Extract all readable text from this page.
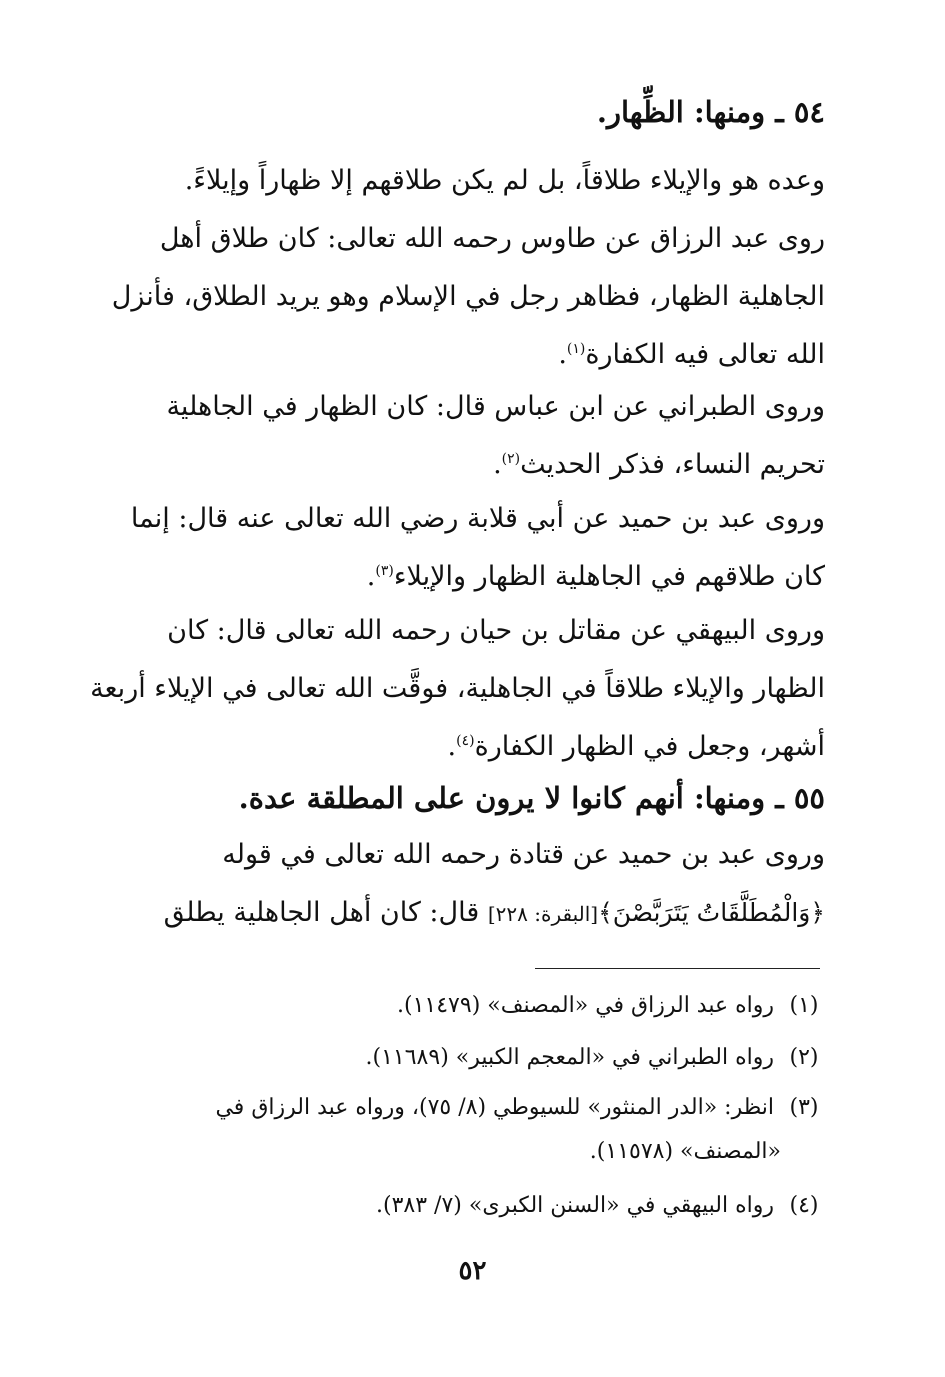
٥٤ ـ ومنها: الظِّهار.
وعده هو والإيلاء طلاقاً، بل لم يكن طلاقهم إلا ظهاراً وإيلاءً.
روى عبد الرزاق عن طاوس رحمه الله تعالى: كان طلاق أهل
الجاهلية الظهار، فظاهر رجل في الإسلام وهو يريد الطلاق، فأنزل
الله تعالى فيه الكفارة$^{(١)}$.
وروى الطبراني عن ابن عباس قال: كان الظهار في الجاهلية
تحريم النساء، فذكر الحديث$^{(٢)}$.
وروى عبد بن حميد عن أبي قلابة رضي الله تعالى عنه قال: إنما
كان طلاقهم في الجاهلية الظهار والإيلاء$^{(٣)}$.
وروى البيهقي عن مقاتل بن حيان رحمه الله تعالى قال: كان
الظهار والإيلاء طلاقاً في الجاهلية، فوقَّت الله تعالى في الإيلاء أربعة
أشهر، وجعل في الظهار الكفارة$^{(٤)}$.
٥٥ ـ ومنها: أنهم كانوا لا يرون على المطلقة عدة.
وروى عبد بن حميد عن قتادة رحمه الله تعالى في قوله
﴿وَالْمُطَلَّقَاتُ يَتَرَبَّصْنَ﴾[البقرة: ٢٢٨] قال: كان أهل الجاهلية يطلق
(١) رواه عبد الرزاق في «المصنف» (١١٤٧٩).
(٢) رواه الطبراني في «المعجم الكبير» (١١٦٨٩).
(٣) انظر: «الدر المنثور» للسيوطي (٨/ ٧٥)، ورواه عبد الرزاق في
«المصنف» (١١٥٧٨).
(٤) رواه البيهقي في «السنن الكبرى» (٧/ ٣٨٣).
٥٢
